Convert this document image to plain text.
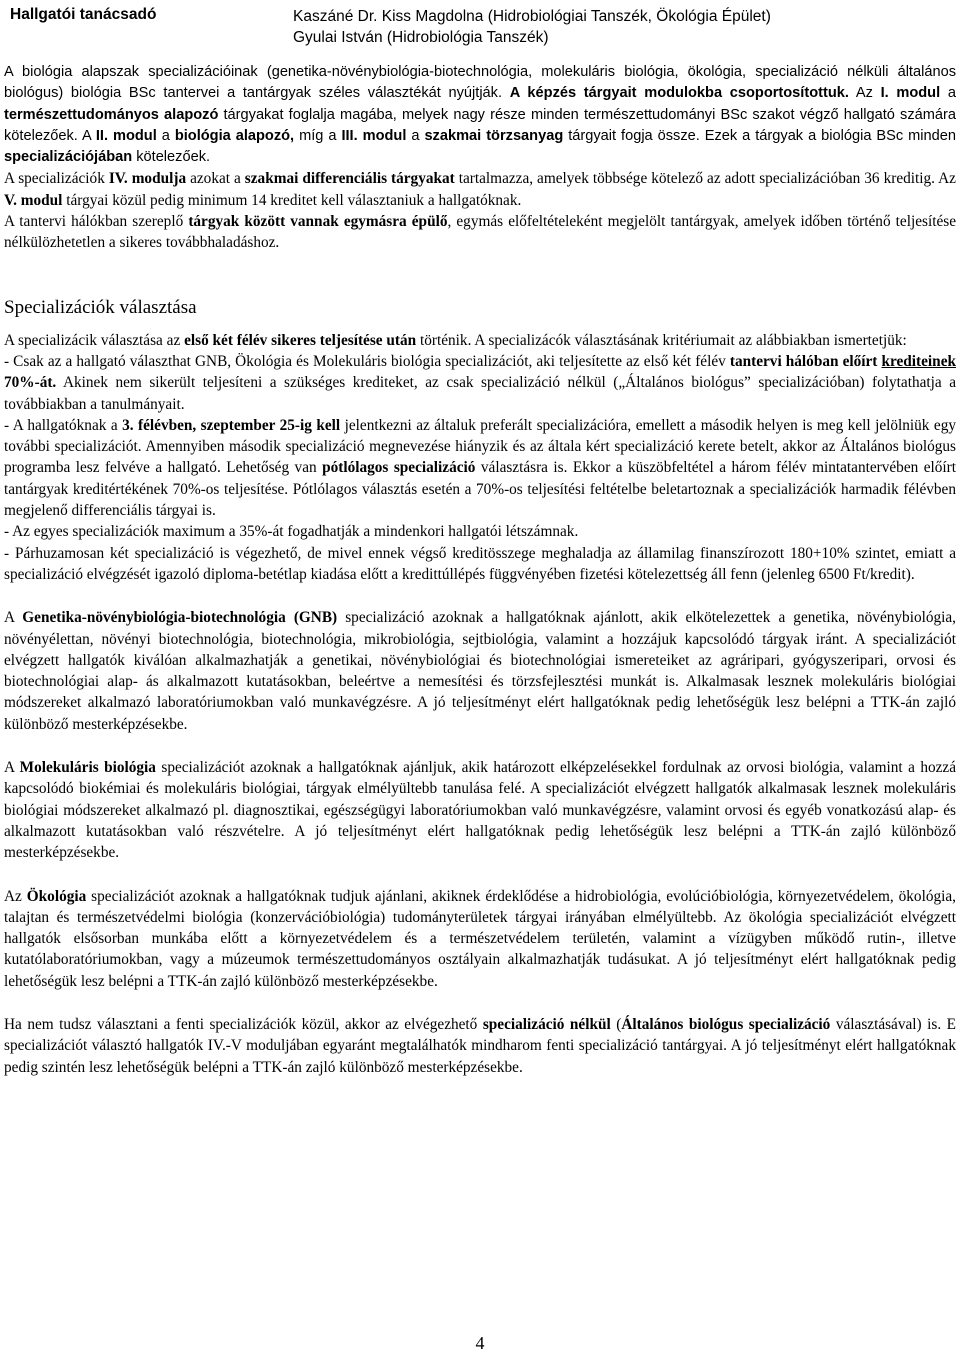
Hallgatói tanácsadó	Kaszáné Dr. Kiss Magdolna (Hidrobiológiai Tanszék, Ökológia Épület)
Gyulai István (Hidrobiológia Tanszék)

A biológia alapszak specializációinak (genetika-növénybiológia-biotechnológia, molekuláris biológia, ökológia, specializáció nélküli általános biológus) biológia BSc tantervei a tantárgyak széles választékát nyújtják. A képzés tárgyait modulokba csoportosítottuk. Az I. modul a természettudományos alapozó tárgyakat foglalja magába, melyek nagy része minden természettudományi BSc szakot végző hallgató számára kötelezőek. A II. modul a biológia alapozó, míg a III. modul a szakmai törzsanyag tárgyait fogja össze. Ezek a tárgyak a biológia BSc minden specializációjában kötelezőek.

A specializációk IV. modulja azokat a szakmai differenciális tárgyakat tartalmazza, amelyek többsége kötelező az adott specializációban 36 kreditig. Az V. modul tárgyai közül pedig minimum 14 kreditet kell választaniuk a hallgatóknak.

A tantervi hálókban szereplő tárgyak között vannak egymásra épülő, egymás előfeltételeként megjelölt tantárgyak, amelyek időben történő teljesítése nélkülözhetetlen a sikeres továbbhaladáshoz.

Specializációk választása

A specializácik választása az első két félév sikeres teljesítése után történik. A specializácók választásának kritériumait az alábbiakban ismertetjük:

- Csak az a hallgató választhat GNB, Ökológia és Molekuláris biológia specializációt, aki teljesítette az első két félév tantervi hálóban előírt krediteinek 70%-át. Akinek nem sikerült teljesíteni a szükséges krediteket, az csak specializáció nélkül („Általános biológus” specializációban) folytathatja a továbbiakban a tanulmányait.

- A hallgatóknak a 3. félévben, szeptember 25-ig kell jelentkezni az általuk preferált specializációra, emellett a második helyen is meg kell jelölniük egy további specializációt. Amennyiben második specializáció megnevezése hiányzik és az általa kért specializáció kerete betelt, akkor az Általános biológus programba lesz felvéve a hallgató. Lehetőség van pótlólagos specializáció választásra is. Ekkor a küszöbfeltétel a három félév mintatantervében előírt tantárgyak kreditértékének 70%-os teljesítése. Pótlólagos választás esetén a 70%-os teljesítési feltételbe beletartoznak a specializációk harmadik félévben megjelenő differenciális tárgyai is.

- Az egyes specializációk maximum a 35%-át fogadhatják a mindenkori hallgatói létszámnak.

- Párhuzamosan két specializáció is végezhető, de mivel ennek végső kreditösszege meghaladja az államilag finanszírozott 180+10% szintet, emiatt a specializáció elvégzését igazoló diploma-betétlap kiadása előtt a kredittúllépés függvényében fizetési kötelezettség áll fenn (jelenleg 6500 Ft/kredit).

A Genetika-növénybiológia-biotechnológia (GNB) specializáció azoknak a hallgatóknak ajánlott, akik elkötelezettek a genetika, növénybiológia, növényélettan, növényi biotechnológia, biotechnológia, mikrobiológia, sejtbiológia, valamint a hozzájuk kapcsolódó tárgyak iránt. A specializációt elvégzett hallgatók kiválóan alkalmazhatják a genetikai, növénybiológiai és biotechnológiai ismereteiket az agráripari, gyógyszeripari, orvosi és biotechnológiai alap- ás alkalmazott kutatásokban, beleértve a nemesítési és törzsfejlesztési munkát is. Alkalmasak lesznek molekuláris biológiai módszereket alkalmazó laboratóriumokban való munkavégzésre. A jó teljesítményt elért hallgatóknak pedig lehetőségük lesz belépni a TTK-án zajló különböző mesterképzésekbe.

A Molekuláris biológia specializációt azoknak a hallgatóknak ajánljuk, akik határozott elképzelésekkel fordulnak az orvosi biológia, valamint a hozzá kapcsolódó biokémiai és molekuláris biológiai, tárgyak elmélyültebb tanulása felé. A specializációt elvégzett hallgatók alkalmasak lesznek molekuláris biológiai módszereket alkalmazó pl. diagnosztikai, egészségügyi laboratóriumokban való munkavégzésre, valamint orvosi és egyéb vonatkozású alap- és alkalmazott kutatásokban való részvételre. A jó teljesítményt elért hallgatóknak pedig lehetőségük lesz belépni a TTK-án zajló különböző mesterképzésekbe.

Az Ökológia specializációt azoknak a hallgatóknak tudjuk ajánlani, akiknek érdeklődése a hidrobiológia, evolúcióbiológia, környezetvédelem, ökológia, talajtan és természetvédelmi biológia (konzervációbiológia) tudományterületek tárgyai irányában elmélyültebb. Az ökológia specializációt elvégzett hallgatók elsősorban munkába előtt a környezetvédelem és a természetvédelem területén, valamint a vízügyben működő rutin-, illetve kutatólaboratóriumokban, vagy a múzeumok természettudományos osztályain alkalmazhatják tudásukat. A jó teljesítményt elért hallgatóknak pedig lehetőségük lesz belépni a TTK-án zajló különböző mesterképzésekbe.

Ha nem tudsz választani a fenti specializációk közül, akkor az elvégezhető specializáció nélkül (Általános biológus specializáció választásával) is. E specializációt választó hallgatók IV.-V moduljában egyaránt megtalálhatók mindharom fenti specializáció tantárgyai. A jó teljesítményt elért hallgatóknak pedig szintén lesz lehetőségük belépni a TTK-án zajló különböző mesterképzésekbe.

4
